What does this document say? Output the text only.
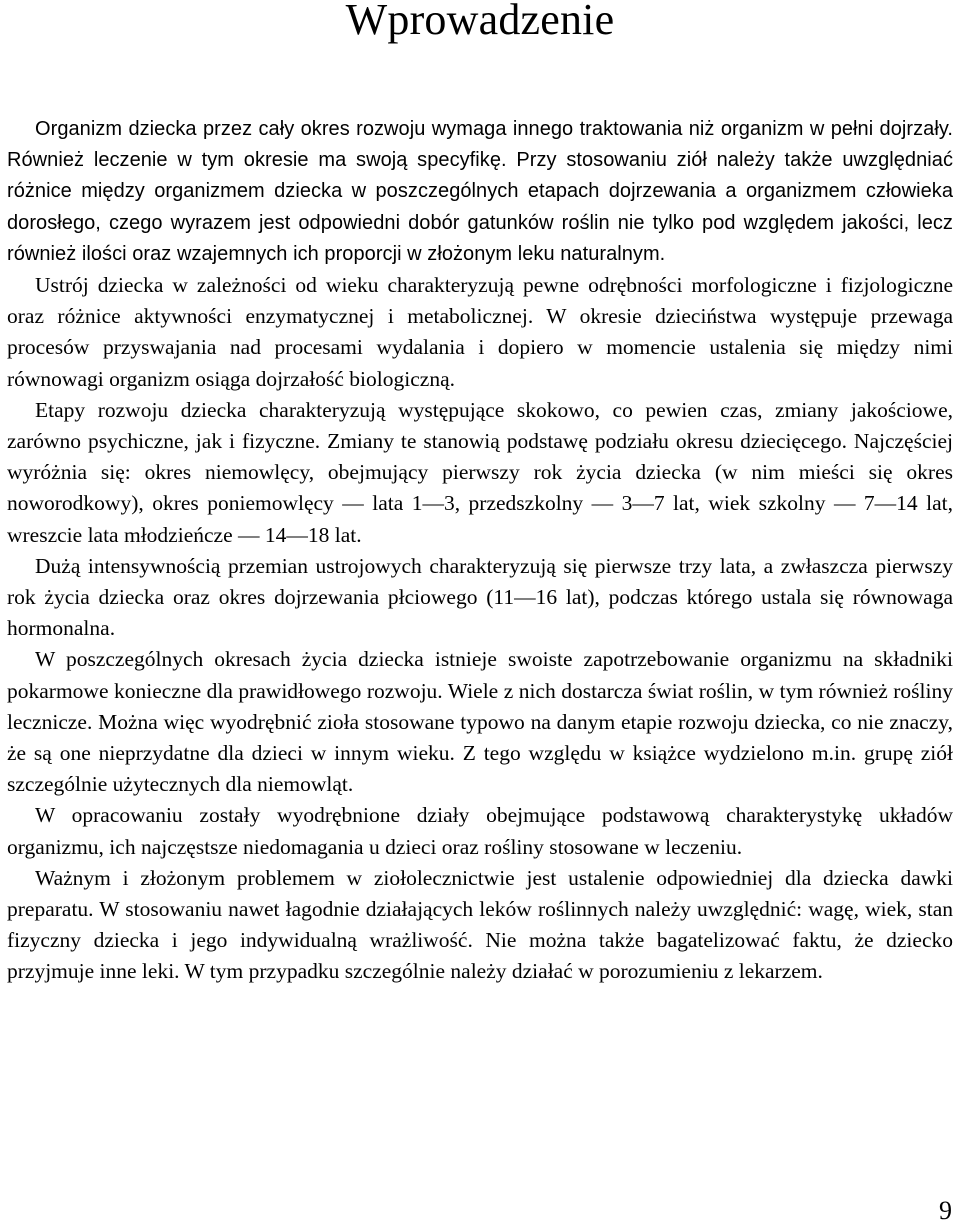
Wprowadzenie

Organizm dziecka przez cały okres rozwoju wymaga innego traktowania niż organizm w pełni dojrzały. Również leczenie w tym okresie ma swoją specyfikę. Przy stosowaniu ziół należy także uwzględniać różnice między organizmem dziecka w poszczególnych etapach dojrzewania a organizmem człowieka dorosłego, czego wyrazem jest odpowiedni dobór gatunków roślin nie tylko pod względem jakości, lecz również ilości oraz wzajemnych ich proporcji w złożonym leku naturalnym.

Ustrój dziecka w zależności od wieku charakteryzują pewne odrębności morfologiczne i fizjologiczne oraz różnice aktywności enzymatycznej i metabolicznej. W okresie dzieciństwa występuje przewaga procesów przyswajania nad procesami wydalania i dopiero w momencie ustalenia się między nimi równowagi organizm osiąga dojrzałość biologiczną.

Etapy rozwoju dziecka charakteryzują występujące skokowo, co pewien czas, zmiany jakościowe, zarówno psychiczne, jak i fizyczne. Zmiany te stanowią podstawę podziału okresu dziecięcego. Najczęściej wyróżnia się: okres niemowlęcy, obejmujący pierwszy rok życia dziecka (w nim mieści się okres noworodkowy), okres poniemowlęcy — lata 1—3, przedszkolny — 3—7 lat, wiek szkolny — 7—14 lat, wreszcie lata młodzieńcze — 14—18 lat.

Dużą intensywnością przemian ustrojowych charakteryzują się pierwsze trzy lata, a zwłaszcza pierwszy rok życia dziecka oraz okres dojrzewania płciowego (11—16 lat), podczas którego ustala się równowaga hormonalna.

W poszczególnych okresach życia dziecka istnieje swoiste zapotrzebowanie organizmu na składniki pokarmowe konieczne dla prawidłowego rozwoju. Wiele z nich dostarcza świat roślin, w tym również rośliny lecznicze. Można więc wyodrębnić zioła stosowane typowo na danym etapie rozwoju dziecka, co nie znaczy, że są one nieprzydatne dla dzieci w innym wieku. Z tego względu w książce wydzielono m.in. grupę ziół szczególnie użytecznych dla niemowląt.

W opracowaniu zostały wyodrębnione działy obejmujące podstawową charakterystykę układów organizmu, ich najczęstsze niedomagania u dzieci oraz rośliny stosowane w leczeniu.

Ważnym i złożonym problemem w ziołolecznictwie jest ustalenie odpowiedniej dla dziecka dawki preparatu. W stosowaniu nawet łagodnie działających leków roślinnych należy uwzględnić: wagę, wiek, stan fizyczny dziecka i jego indywidualną wrażliwość. Nie można także bagatelizować faktu, że dziecko przyjmuje inne leki. W tym przypadku szczególnie należy działać w porozumieniu z lekarzem.

9
